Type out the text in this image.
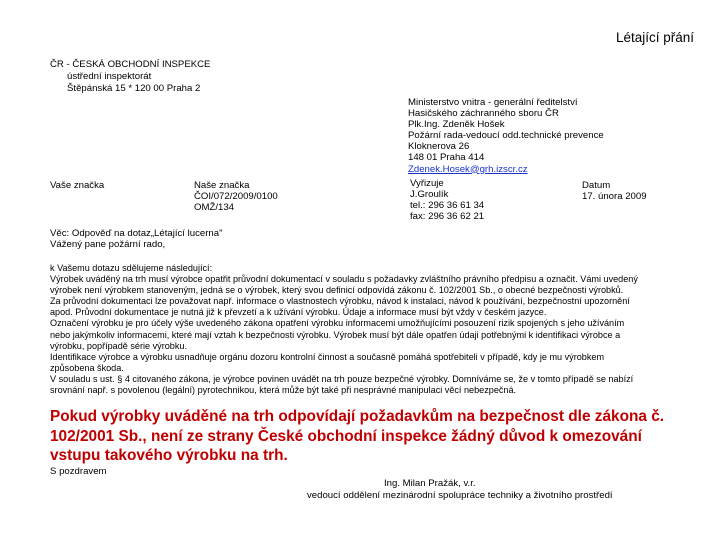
Létající přání
ČR - ČESKÁ OBCHODNÍ INSPEKCE
ústřední inspektorát
Štěpánská 15 * 120 00 Praha 2
Ministerstvo vnitra - generální ředitelství
Hasičského záchranného sboru ČR
Plk.Ing. Zdeněk Hošek
Požární rada-vedoucí odd.technické prevence
Kloknerova 26
148 01 Praha 414
Zdenek.Hosek@grh.izscr.cz
Vaše značka	Naše značka
ČOI/072/2009/0100
OMŽ/134
Vyřizuje
J.Groulík
tel.: 296 36 61 34
fax: 296 36 62 21
Datum
17. února 2009
Věc: Odpověď na dotaz„Létající lucerna"
Vážený pane požární rado,
k Vašemu dotazu sdělujeme následující:
Výrobek uváděný na trh musí výrobce opatřit průvodní dokumentací v souladu s požadavky zvláštního právního předpisu a označit. Vámi uvedený
výrobek není výrobkem stanoveným, jedná se o výrobek, který svou definicí odpovídá zákonu č. 102/2001 Sb., o obecné bezpečnosti výrobků.
Za průvodní dokumentaci lze považovat např. informace o vlastnostech výrobku, návod k instalaci, návod k používání, bezpečnostní upozornění
apod. Průvodní dokumentace je nutná již k převzetí a k užívání výrobku. Údaje a informace musí být vždy v českém jazyce.
Označení výrobku je pro účely výše uvedeného zákona opatření výrobku informacemi umožňujícími posouzení rizik spojených s jeho užíváním
nebo jakýmkoliv informacemi, které mají vztah k bezpečnosti výrobku. Výrobek musí být dále opatřen údaji potřebnými k identifikaci výrobce a
výrobku, popřípadě série výrobku.
Identifikace výrobce a výrobku usnadňuje orgánu dozoru kontrolní činnost a současně pomáhá spotřebiteli v případě, kdy je mu výrobkem
způsobena škoda.
V souladu s ust. § 4 citovaného zákona, je výrobce povinen uvádět na trh pouze bezpečné výrobky. Domníváme se, že v tomto případě se nabízí
srovnání např. s povolenou (legální) pyrotechnikou, která může být také při nesprávné manipulaci věcí nebezpečná.
Pokud výrobky uváděné na trh odpovídají požadavkům na bezpečnost dle zákona č.
102/2001 Sb., není ze strany České obchodní inspekce žádný důvod k omezování
vstupu takového výrobku na trh.
S pozdravem
Ing. Milan Pražák, v.r.
vedoucí oddělení mezinárodní spolupráce techniky a životního prostředí
